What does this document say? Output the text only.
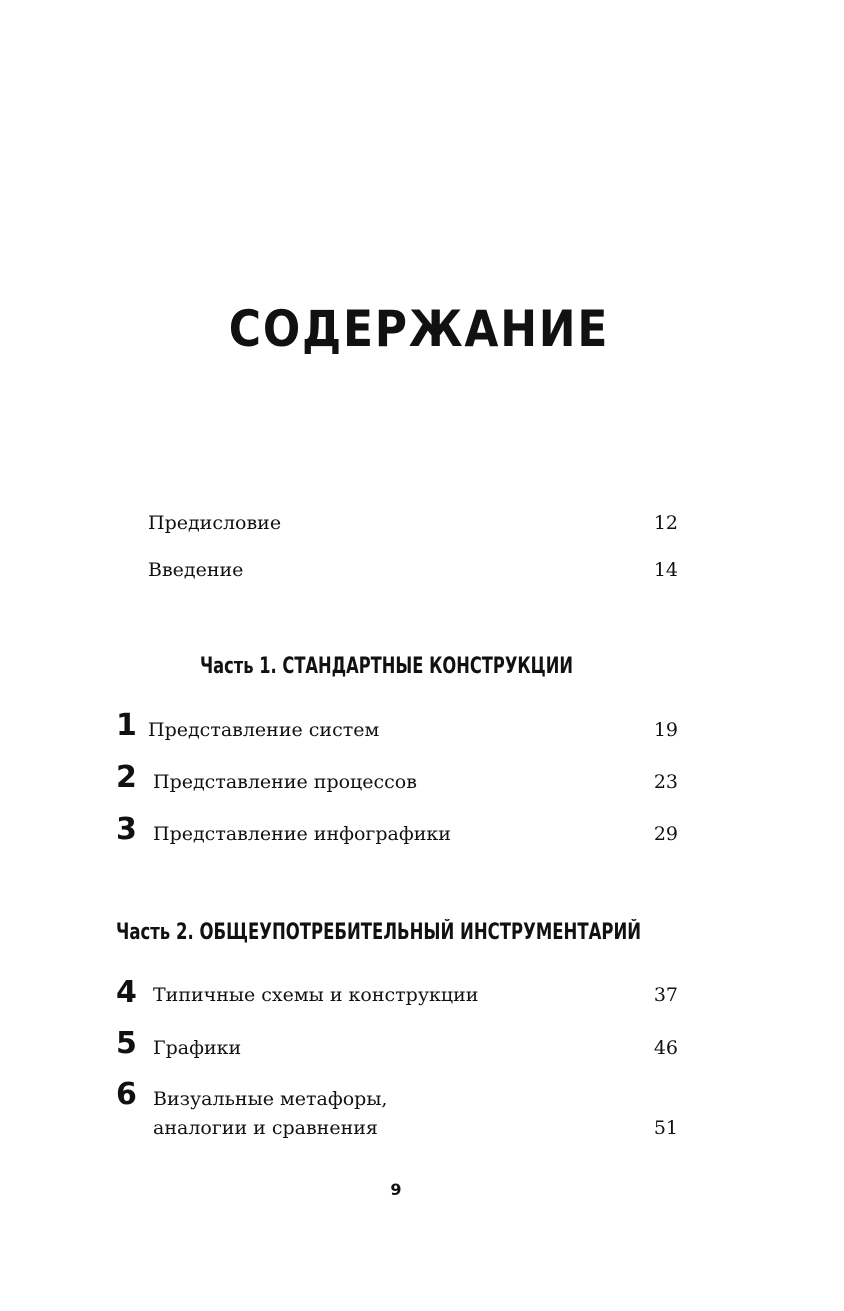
СОДЕРЖАНИЕ
Предисловие	12
Введение	14
Часть 1. СТАНДАРТНЫЕ КОНСТРУКЦИИ
1 Представление систем	19
2 Представление процессов	23
3 Представление инфографики	29
Часть 2. ОБЩЕУПОТРЕБИТЕЛЬНЫЙ ИНСТРУМЕНТАРИЙ
4 Типичные схемы и конструкции	37
5 Графики	46
6 Визуальные метафоры,
аналогии и сравнения	51
9
